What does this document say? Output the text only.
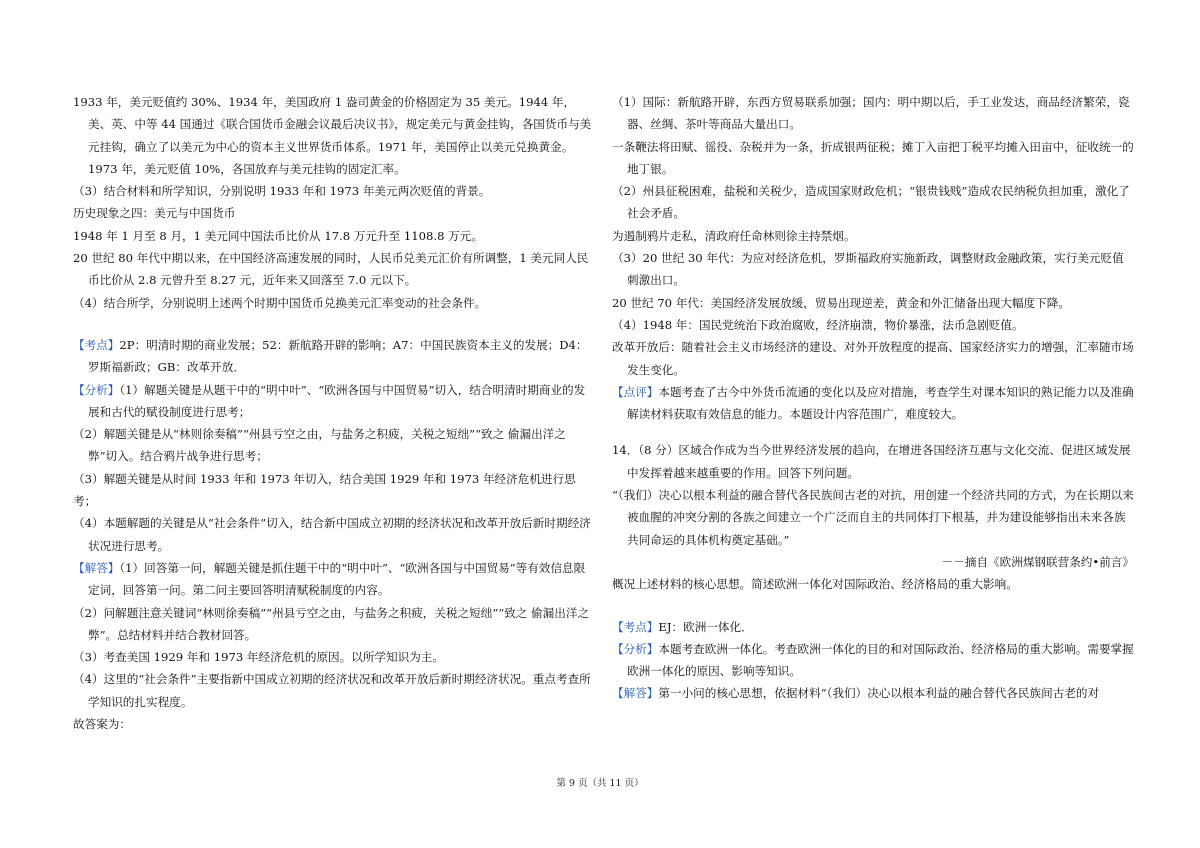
1933 年，美元贬值约 30%、1934 年，美国政府 1 盎司黄金的价格固定为 35 美元。1944 年，美、英、中等 44 国通过《联合国货币金融会议最后决议书》，规定美元与黄金挂钩，各国货币与美元挂钩，确立了以美元为中心的资本主义世界货币体系。1971 年，美国停止以美元兑换黄金。1973 年，美元贬值 10%，各国放弃与美元挂钩的固定汇率。

（3）结合材料和所学知识，分别说明 1933 年和 1973 年美元两次贬值的背景。

历史现象之四：美元与中国货币

1948 年 1 月至 8 月，1 美元同中国法币比价从 17.8 万元升至 1108.8 万元。

20 世纪 80 年代中期以来，在中国经济高速发展的同时，人民币兑美元汇价有所调整，1 美元同人民币比价从 2.8 元曾升至 8.27 元，近年来又回落至 7.0 元以下。

（4）结合所学，分别说明上述两个时期中国货币兑换美元汇率变动的社会条件。

【考点】2P：明清时期的商业发展；52：新航路开辟的影响；A7：中国民族资本主义的发展；D4：罗斯福新政；GB：改革开放．

【分析】（1）解题关键是从题干中的“明中叶”、“欧洲各国与中国贸易”切入，结合明清时期商业的发展和古代的赋役制度进行思考；

（2）解题关键是从“林则徐奏稿”“州县亏空之由，与盐务之积疲，关税之短绌”“致之 偷漏出洋之弊”切入。结合鸦片战争进行思考；

（3）解题关键是从时间 1933 年和 1973 年切入，结合美国 1929 年和 1973 年经济危机进行思考；

（4）本题解题的关键是从“社会条件”切入，结合新中国成立初期的经济状况和改革开放后新时期经济状况进行思考。

【解答】（1）回答第一问，解题关键是抓住题干中的“明中叶”、“欧洲各国与中国贸易”等有效信息限定词，回答第一问。第二问主要回答明清赋税制度的内容。

（2）问解题注意关键词“林则徐奏稿”“州县亏空之由，与盐务之积疲，关税之短绌”“致之 偷漏出洋之弊”。总结材料并结合教材回答。

（3）考查美国 1929 年和 1973 年经济危机的原因。以所学知识为主。

（4）这里的“社会条件”主要指新中国成立初期的经济状况和改革开放后新时期经济状况。重点考查所学知识的扎实程度。

故答案为：

（1）国际：新航路开辟，东西方贸易联系加强；国内：明中期以后，手工业发达，商品经济繁荣，瓷器、丝绸、茶叶等商品大量出口。

一条鞭法将田赋、徭役、杂税并为一条，折成银两征税；摊丁入亩把丁税平均摊入田亩中，征收统一的地丁银。

（2）州县征税困难，盐税和关税少，造成国家财政危机；“银贵钱贱”造成农民纳税负担加重，激化了社会矛盾。

为遏制鸦片走私，清政府任命林则徐主持禁烟。

（3）20 世纪 30 年代：为应对经济危机，罗斯福政府实施新政，调整财政金融政策，实行美元贬值刺激出口。

20 世纪 70 年代：美国经济发展放缓，贸易出现逆差，黄金和外汇储备出现大幅度下降。

（4）1948 年：国民党统治下政治腐败，经济崩溃，物价暴涨，法币急剧贬值。

改革开放后：随着社会主义市场经济的建设、对外开放程度的提高、国家经济实力的增强，汇率随市场发生变化。

【点评】本题考查了古今中外货币流通的变化以及应对措施，考查学生对课本知识的熟记能力以及准确解读材料获取有效信息的能力。本题设计内容范围广，难度较大。

14．（8 分）区域合作成为当今世界经济发展的趋向，在增进各国经济互惠与文化交流、促进区域发展中发挥着越来越重要的作用。回答下列问题。

“（我们）决心以根本利益的融合替代各民族间古老的对抗，用创建一个经济共同的方式，为在长期以来被血腥的冲突分割的各族之间建立一个广泛而自主的共同体打下根基，并为建设能够指出未来各族共同命运的具体机构奠定基础。”

－－摘自《欧洲煤钢联营条约•前言》

概况上述材料的核心思想。简述欧洲一体化对国际政治、经济格局的重大影响。

【考点】EJ：欧洲一体化．

【分析】本题考查欧洲一体化。考查欧洲一体化的目的和对国际政治、经济格局的重大影响。需要掌握欧洲一体化的原因、影响等知识。

【解答】第一小问的核心思想，依据材料“（我们）决心以根本利益的融合替代各民族间古老的对

第 9 页（共 11 页）
